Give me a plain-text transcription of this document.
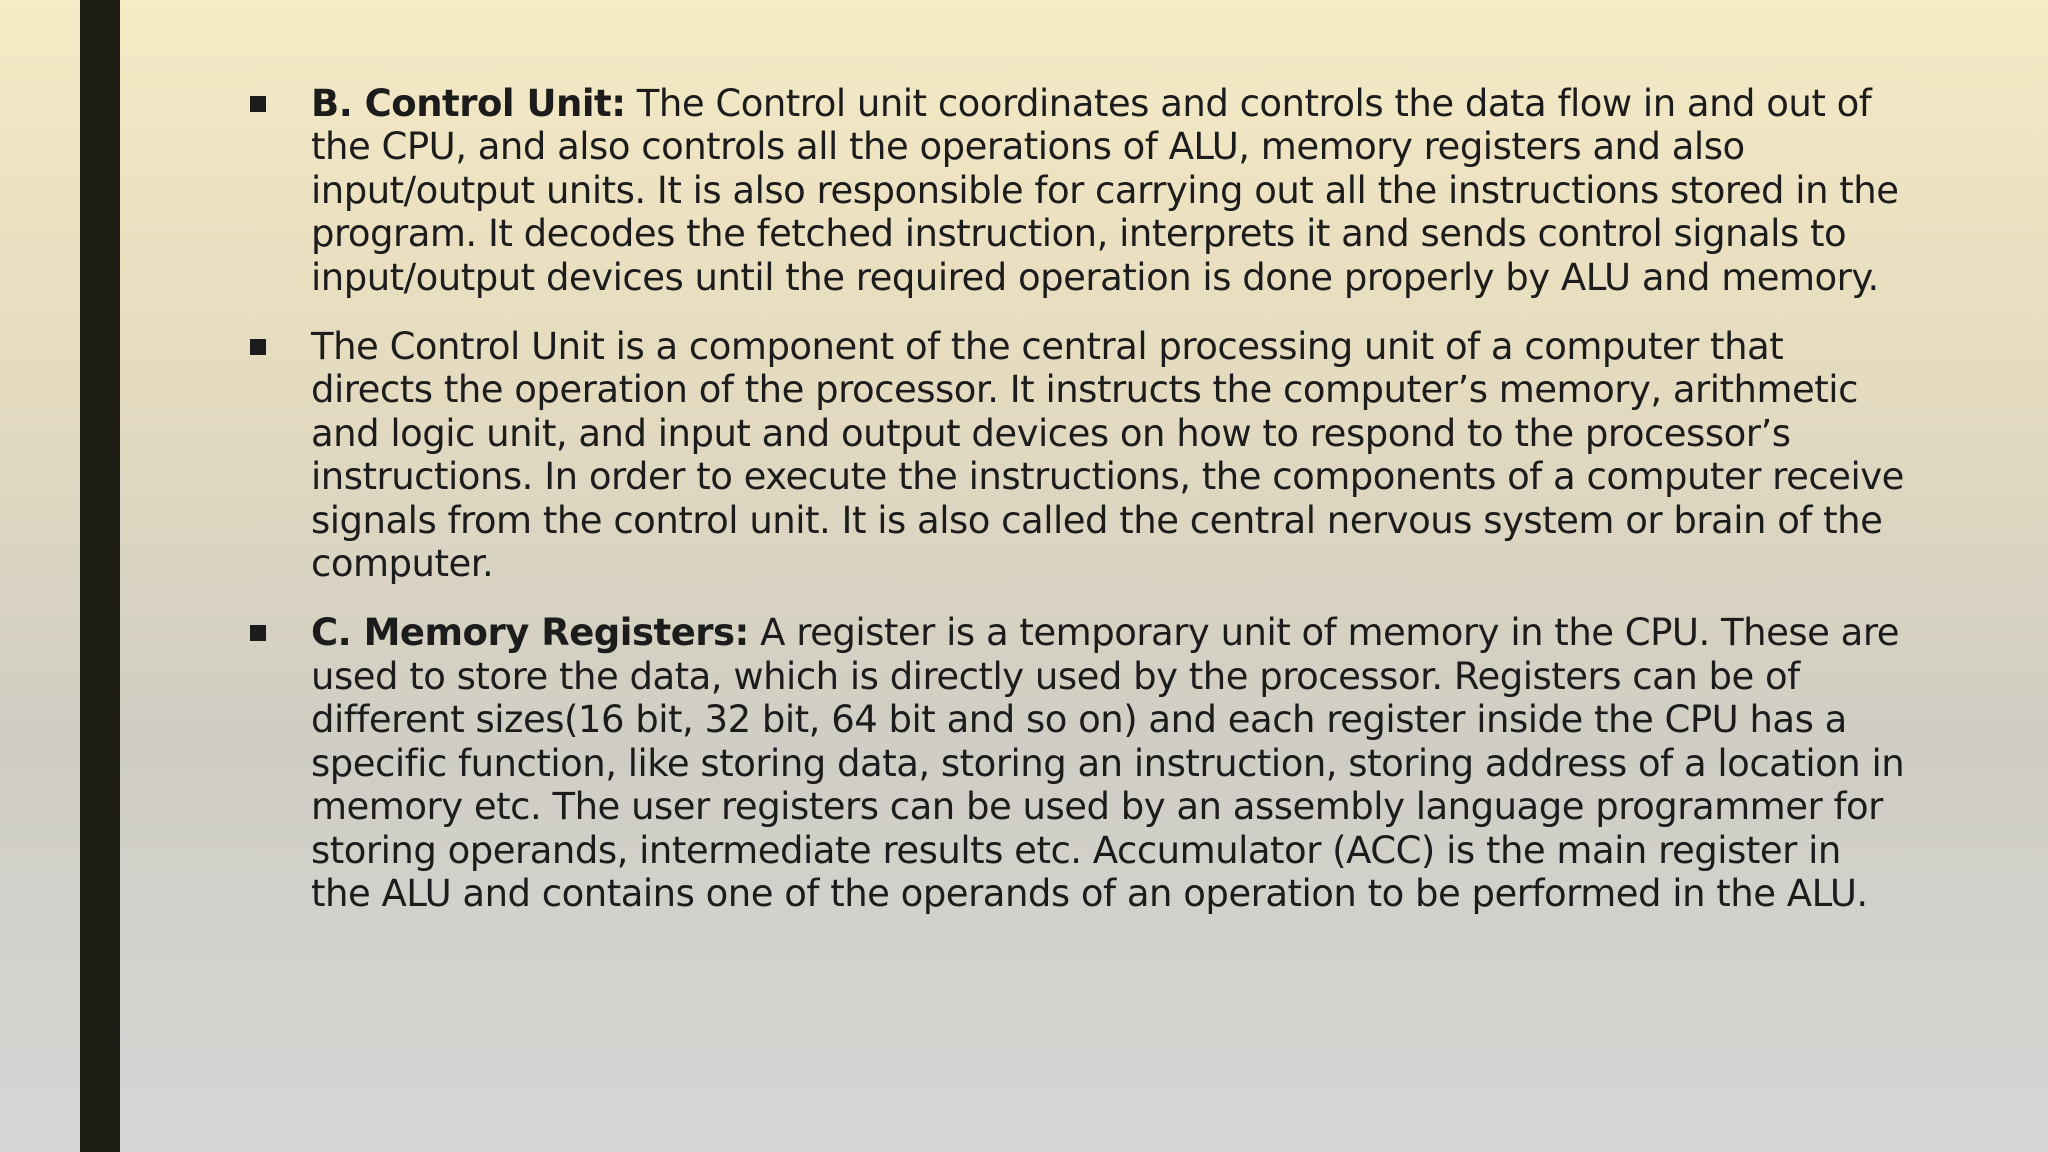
B. Control Unit: The Control unit coordinates and controls the data flow in and out of the CPU, and also controls all the operations of ALU, memory registers and also input/output units. It is also responsible for carrying out all the instructions stored in the program. It decodes the fetched instruction, interprets it and sends control signals to input/output devices until the required operation is done properly by ALU and memory.
The Control Unit is a component of the central processing unit of a computer that directs the operation of the processor. It instructs the computer’s memory, arithmetic and logic unit, and input and output devices on how to respond to the processor’s instructions. In order to execute the instructions, the components of a computer receive signals from the control unit. It is also called the central nervous system or brain of the computer.
C. Memory Registers: A register is a temporary unit of memory in the CPU. These are used to store the data, which is directly used by the processor. Registers can be of different sizes(16 bit, 32 bit, 64 bit and so on) and each register inside the CPU has a specific function, like storing data, storing an instruction, storing address of a location in memory etc. The user registers can be used by an assembly language programmer for storing operands, intermediate results etc. Accumulator (ACC) is the main register in the ALU and contains one of the operands of an operation to be performed in the ALU.
